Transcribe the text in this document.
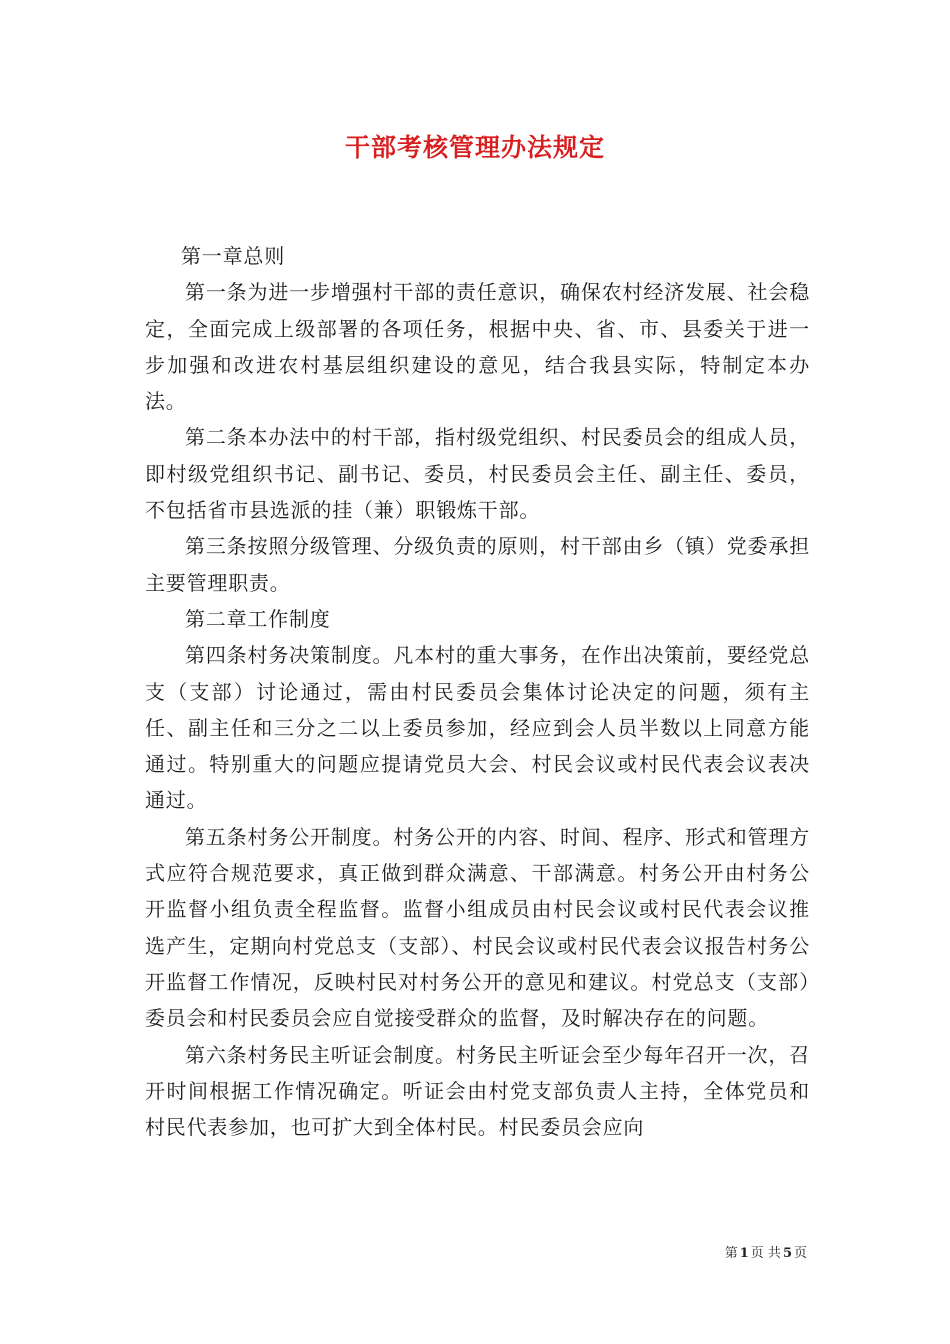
干部考核管理办法规定

第一章总则

第一条为进一步增强村干部的责任意识，确保农村经济发展、社会稳定，全面完成上级部署的各项任务，根据中央、省、市、县委关于进一步加强和改进农村基层组织建设的意见，结合我县实际，特制定本办法。

第二条本办法中的村干部，指村级党组织、村民委员会的组成人员，即村级党组织书记、副书记、委员，村民委员会主任、副主任、委员，不包括省市县选派的挂（兼）职锻炼干部。

第三条按照分级管理、分级负责的原则，村干部由乡（镇）党委承担主要管理职责。

第二章工作制度

第四条村务决策制度。凡本村的重大事务，在作出决策前，要经党总支（支部）讨论通过，需由村民委员会集体讨论决定的问题，须有主任、副主任和三分之二以上委员参加，经应到会人员半数以上同意方能通过。特别重大的问题应提请党员大会、村民会议或村民代表会议表决通过。

第五条村务公开制度。村务公开的内容、时间、程序、形式和管理方式应符合规范要求，真正做到群众满意、干部满意。村务公开由村务公开监督小组负责全程监督。监督小组成员由村民会议或村民代表会议推选产生，定期向村党总支（支部）、村民会议或村民代表会议报告村务公开监督工作情况，反映村民对村务公开的意见和建议。村党总支（支部）委员会和村民委员会应自觉接受群众的监督，及时解决存在的问题。

第六条村务民主听证会制度。村务民主听证会至少每年召开一次，召开时间根据工作情况确定。听证会由村党支部负责人主持，全体党员和村民代表参加，也可扩大到全体村民。村民委员会应向

第 1 页 共 5 页
